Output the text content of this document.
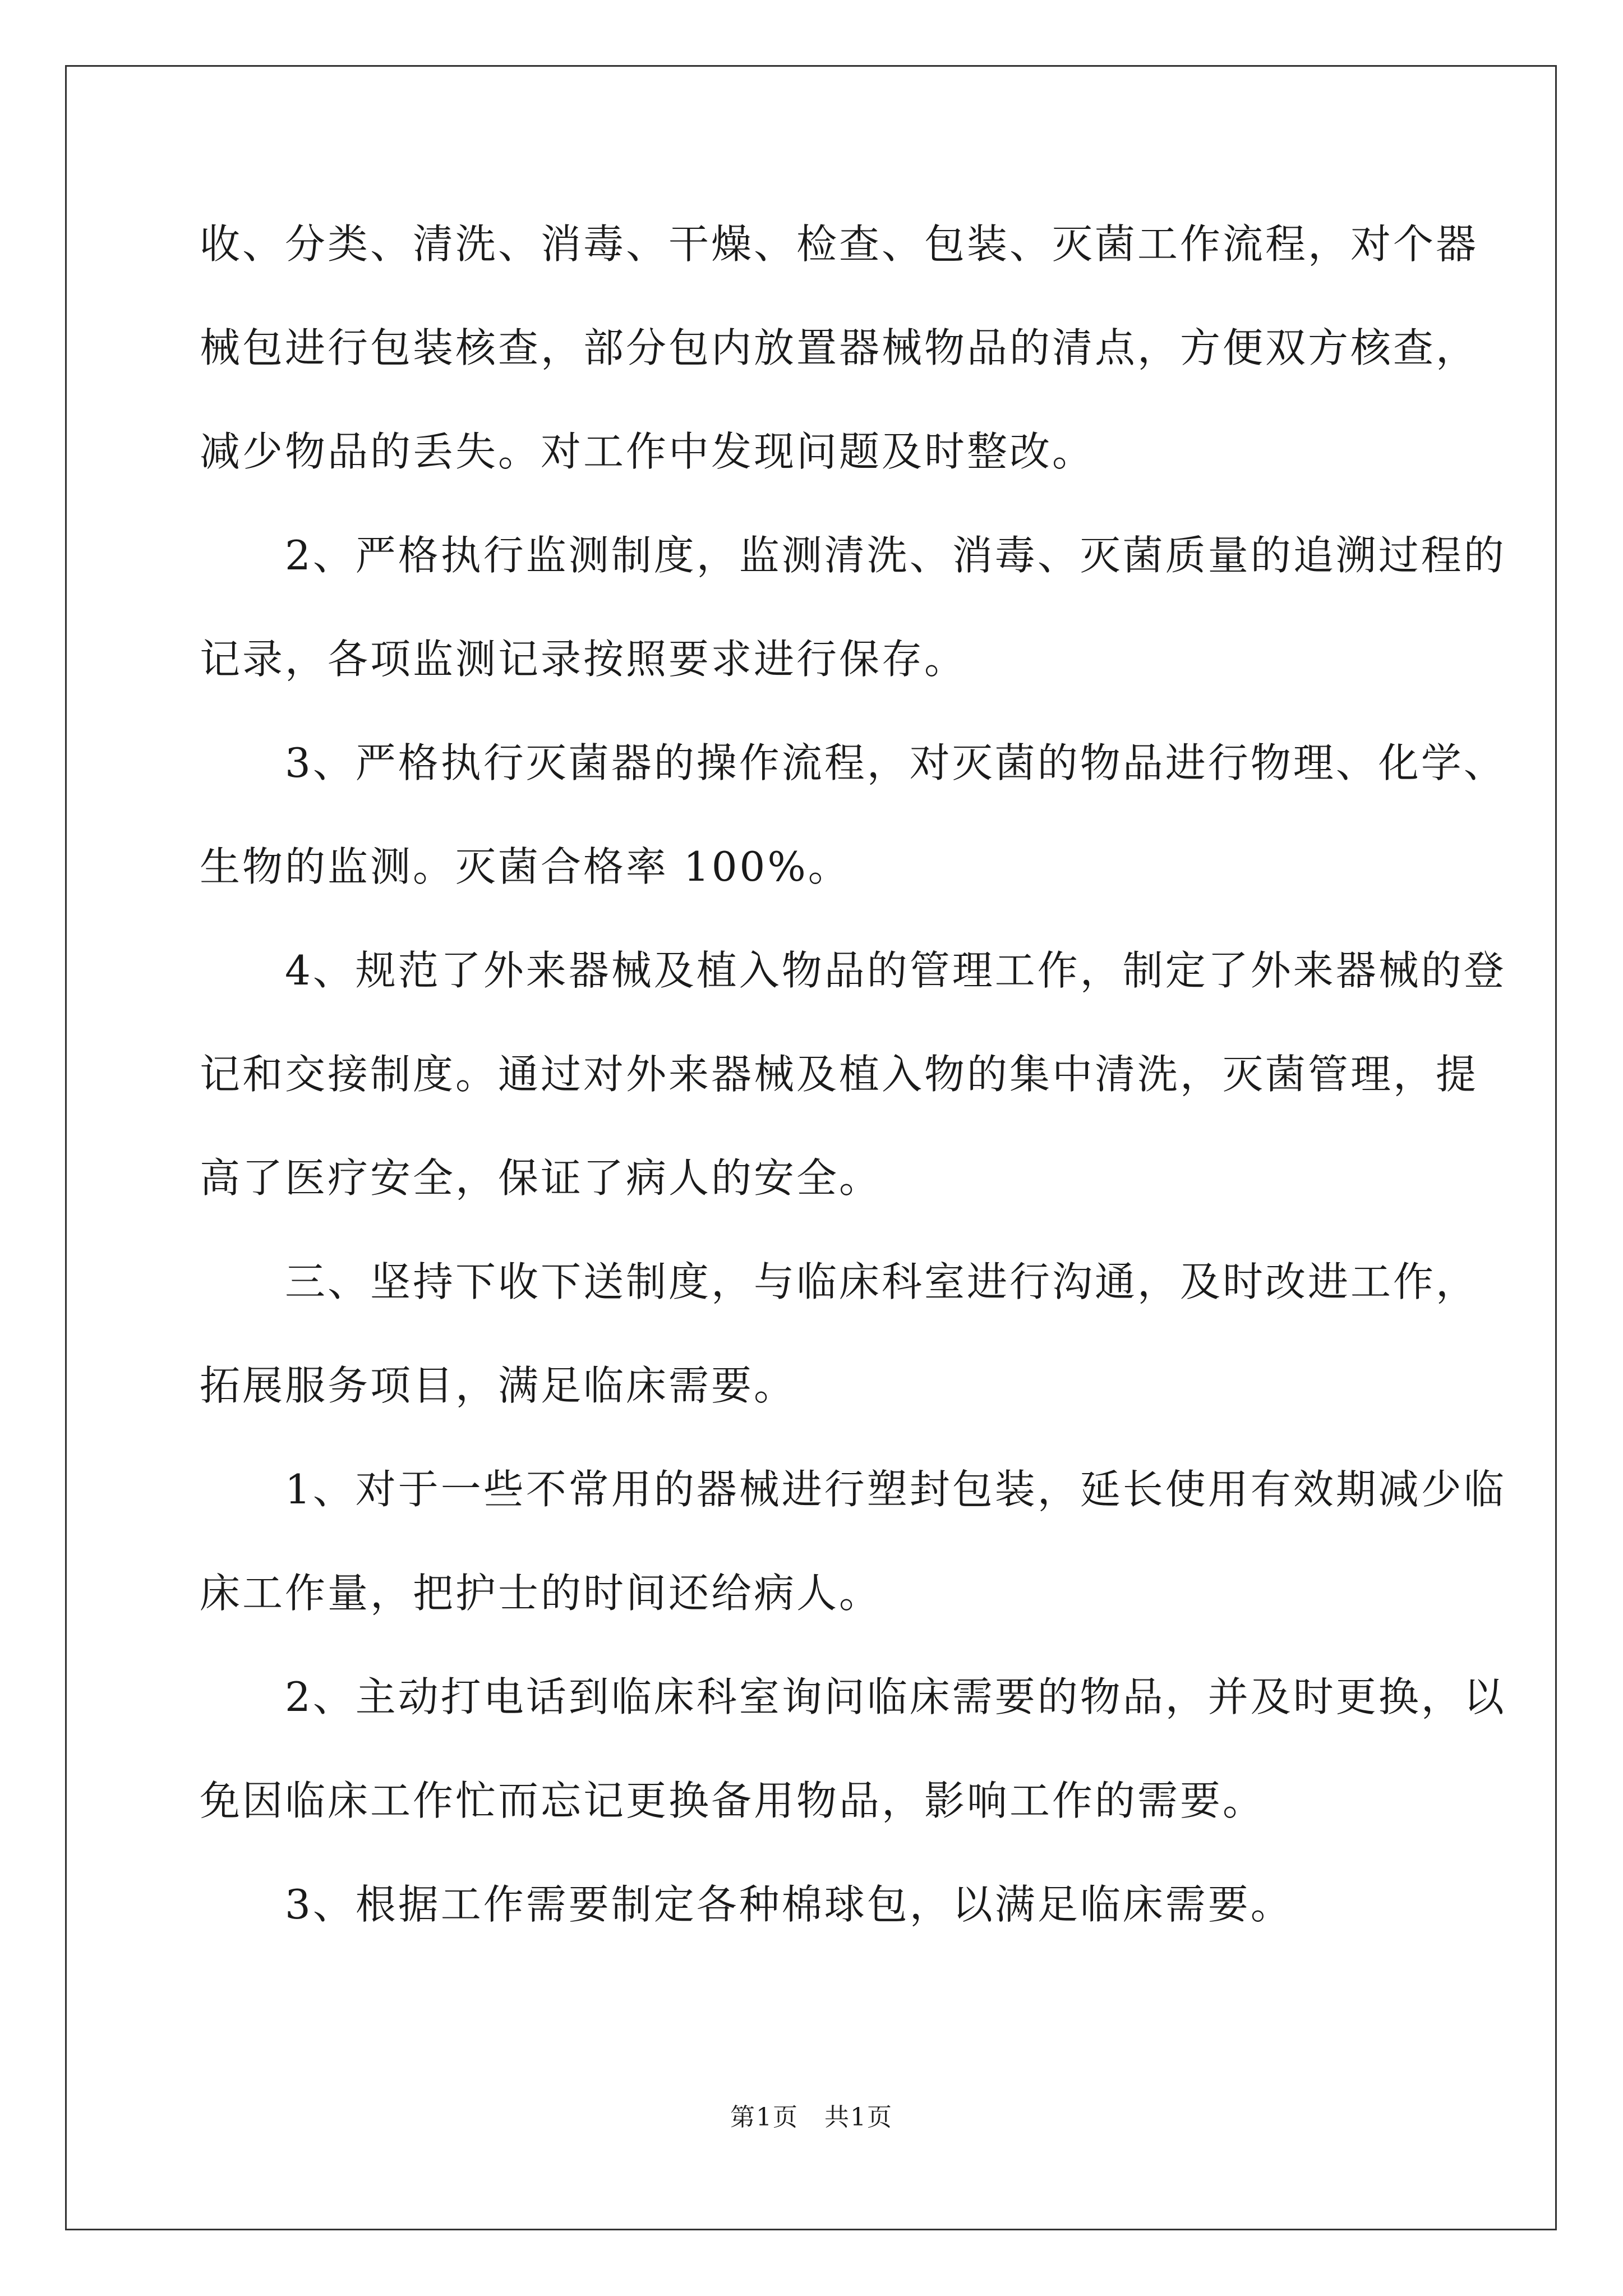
收、分类、清洗、消毒、干燥、检查、包装、灭菌工作流程，对个器
械包进行包装核查，部分包内放置器械物品的清点，方便双方核查，
减少物品的丢失。对工作中发现问题及时整改。
　　2、严格执行监测制度，监测清洗、消毒、灭菌质量的追溯过程的
记录，各项监测记录按照要求进行保存。
　　3、严格执行灭菌器的操作流程，对灭菌的物品进行物理、化学、
生物的监测。灭菌合格率 100%。
　　4、规范了外来器械及植入物品的管理工作，制定了外来器械的登
记和交接制度。通过对外来器械及植入物的集中清洗，灭菌管理，提
高了医疗安全，保证了病人的安全。
　　三、坚持下收下送制度，与临床科室进行沟通，及时改进工作，
拓展服务项目，满足临床需要。
　　1、对于一些不常用的器械进行塑封包装，延长使用有效期减少临
床工作量，把护士的时间还给病人。
　　2、主动打电话到临床科室询问临床需要的物品，并及时更换，以
免因临床工作忙而忘记更换备用物品，影响工作的需要。
　　3、根据工作需要制定各种棉球包，以满足临床需要。
第1页　共1页
